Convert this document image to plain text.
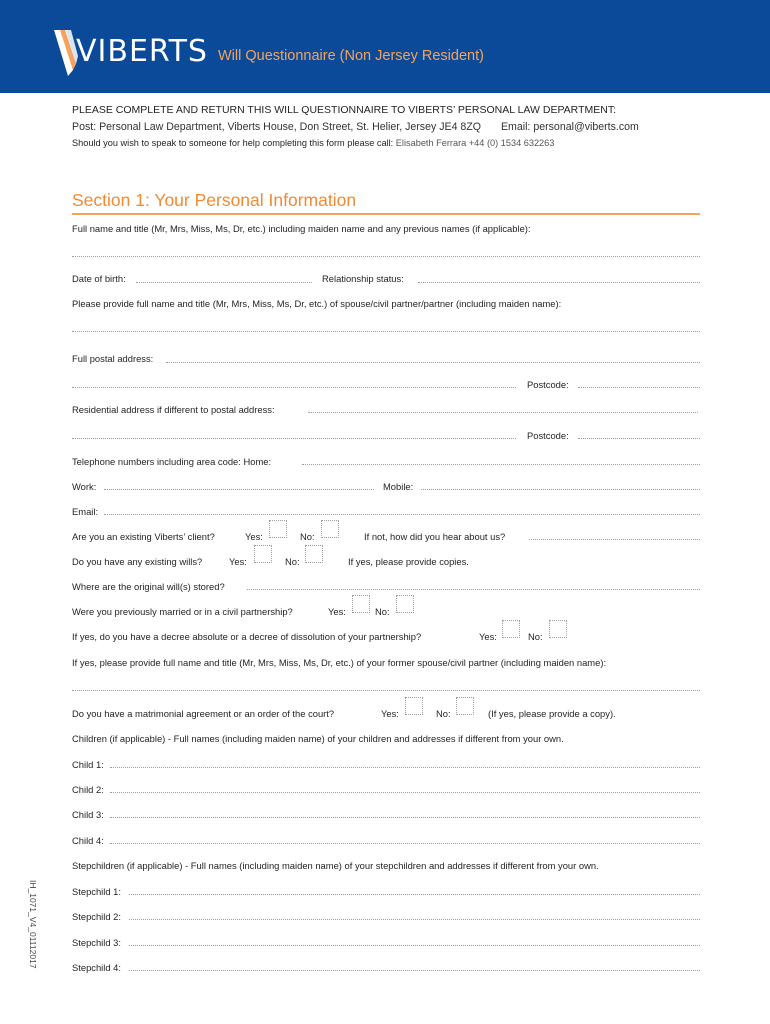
VIBERTS Will Questionnaire (Non Jersey Resident)
PLEASE COMPLETE AND RETURN THIS WILL QUESTIONNAIRE TO VIBERTS’ PERSONAL LAW DEPARTMENT:
Post: Personal Law Department, Viberts House, Don Street, St. Helier, Jersey JE4 8ZQ Email: personal@viberts.com
Should you wish to speak to someone for help completing this form please call: Elisabeth Ferrara +44 (0) 1534 632263
Section 1: Your Personal Information
Full name and title (Mr, Mrs, Miss, Ms, Dr, etc.) including maiden name and any previous names (if applicable):
Date of birth:	Relationship status:
Please provide full name and title (Mr, Mrs, Miss, Ms, Dr, etc.) of spouse/civil partner/partner (including maiden name):
Full postal address:
Postcode:
Residential address if different to postal address:
Postcode:
Telephone numbers including area code: Home:
Work:	Mobile:
Email:
Are you an existing Viberts’ client?	Yes:	No:	If not, how did you hear about us?
Do you have any existing wills?	Yes:	No:	If yes, please provide copies.
Where are the original will(s) stored?
Were you previously married or in a civil partnership?	Yes:	No:
If yes, do you have a decree absolute or a decree of dissolution of your partnership?	Yes:	No:
If yes, please provide full name and title (Mr, Mrs, Miss, Ms, Dr, etc.) of your former spouse/civil partner (including maiden name):
Do you have a matrimonial agreement or an order of the court?	Yes:	No:	(If yes, please provide a copy).
Children (if applicable) - Full names (including maiden name) of your children and addresses if different from your own.
Child 1:
Child 2:
Child 3:
Child 4:
Stepchildren (if applicable) - Full names (including maiden name) of your stepchildren and addresses if different from your own.
Stepchild 1:
Stepchild 2:
Stepchild 3:
Stepchild 4:
IH_1071_V4_01112017
